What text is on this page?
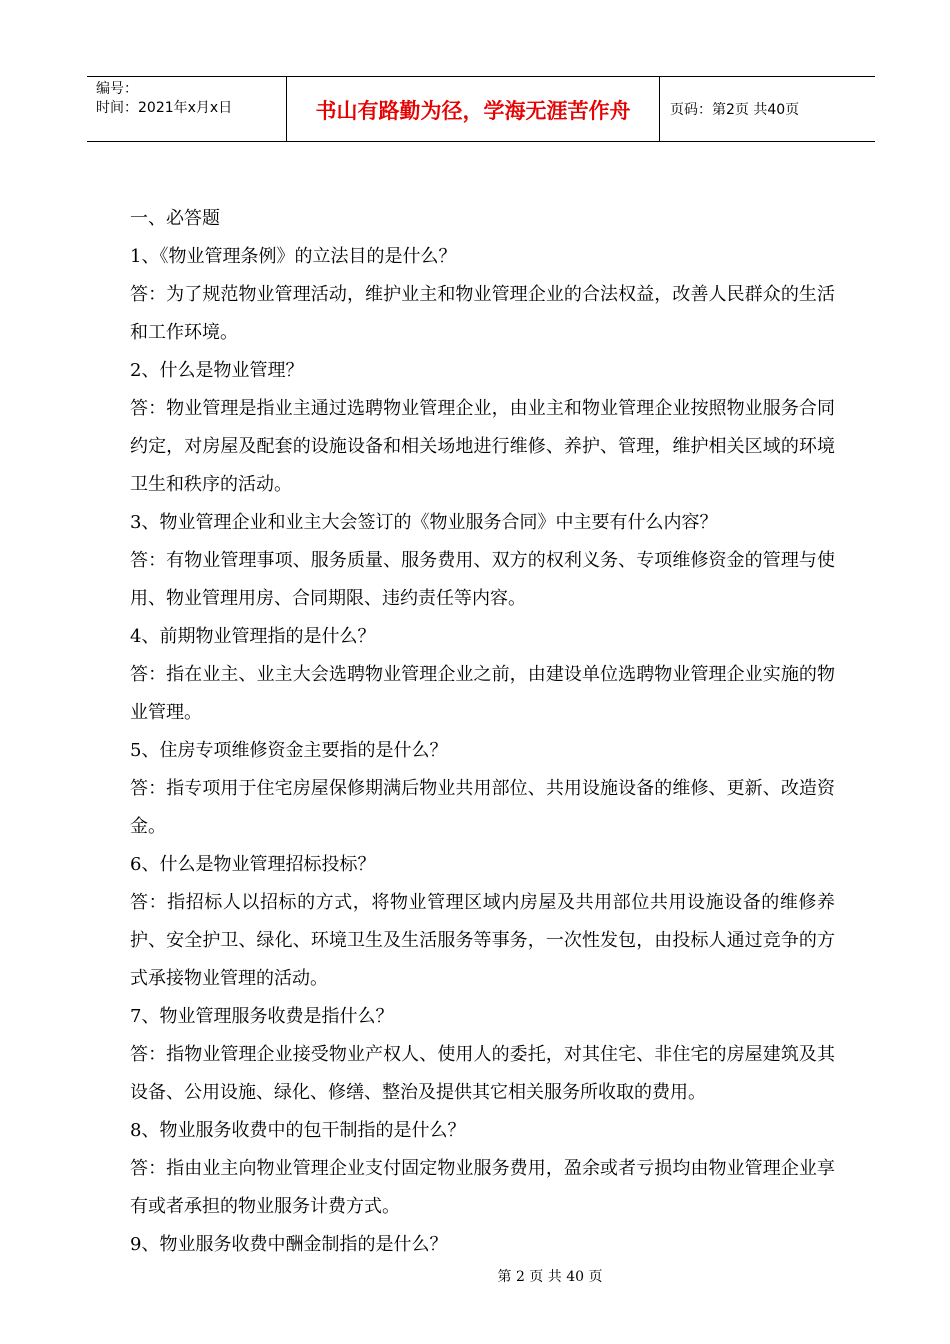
编号：
时间：2021年x月x日	书山有路勤为径，学海无涯苦作舟	页码：第2页 共40页

一、必答题

1、《物业管理条例》的立法目的是什么？

答：为了规范物业管理活动，维护业主和物业管理企业的合法权益，改善人民群众的生活和工作环境。

2、什么是物业管理？

答：物业管理是指业主通过选聘物业管理企业，由业主和物业管理企业按照物业服务合同约定，对房屋及配套的设施设备和相关场地进行维修、养护、管理，维护相关区域的环境卫生和秩序的活动。

3、物业管理企业和业主大会签订的《物业服务合同》中主要有什么内容？

答：有物业管理事项、服务质量、服务费用、双方的权利义务、专项维修资金的管理与使用、物业管理用房、合同期限、违约责任等内容。

4、前期物业管理指的是什么？

答：指在业主、业主大会选聘物业管理企业之前，由建设单位选聘物业管理企业实施的物业管理。

5、住房专项维修资金主要指的是什么？

答：指专项用于住宅房屋保修期满后物业共用部位、共用设施设备的维修、更新、改造资金。

6、什么是物业管理招标投标？

答：指招标人以招标的方式，将物业管理区域内房屋及共用部位共用设施设备的维修养护、安全护卫、绿化、环境卫生及生活服务等事务，一次性发包，由投标人通过竞争的方式承接物业管理的活动。

7、物业管理服务收费是指什么？

答：指物业管理企业接受物业产权人、使用人的委托，对其住宅、非住宅的房屋建筑及其设备、公用设施、绿化、修缮、整治及提供其它相关服务所收取的费用。

8、物业服务收费中的包干制指的是什么？

答：指由业主向物业管理企业支付固定物业服务费用，盈余或者亏损均由物业管理企业享有或者承担的物业服务计费方式。

9、物业服务收费中酬金制指的是什么？

第 2 页 共 40 页
